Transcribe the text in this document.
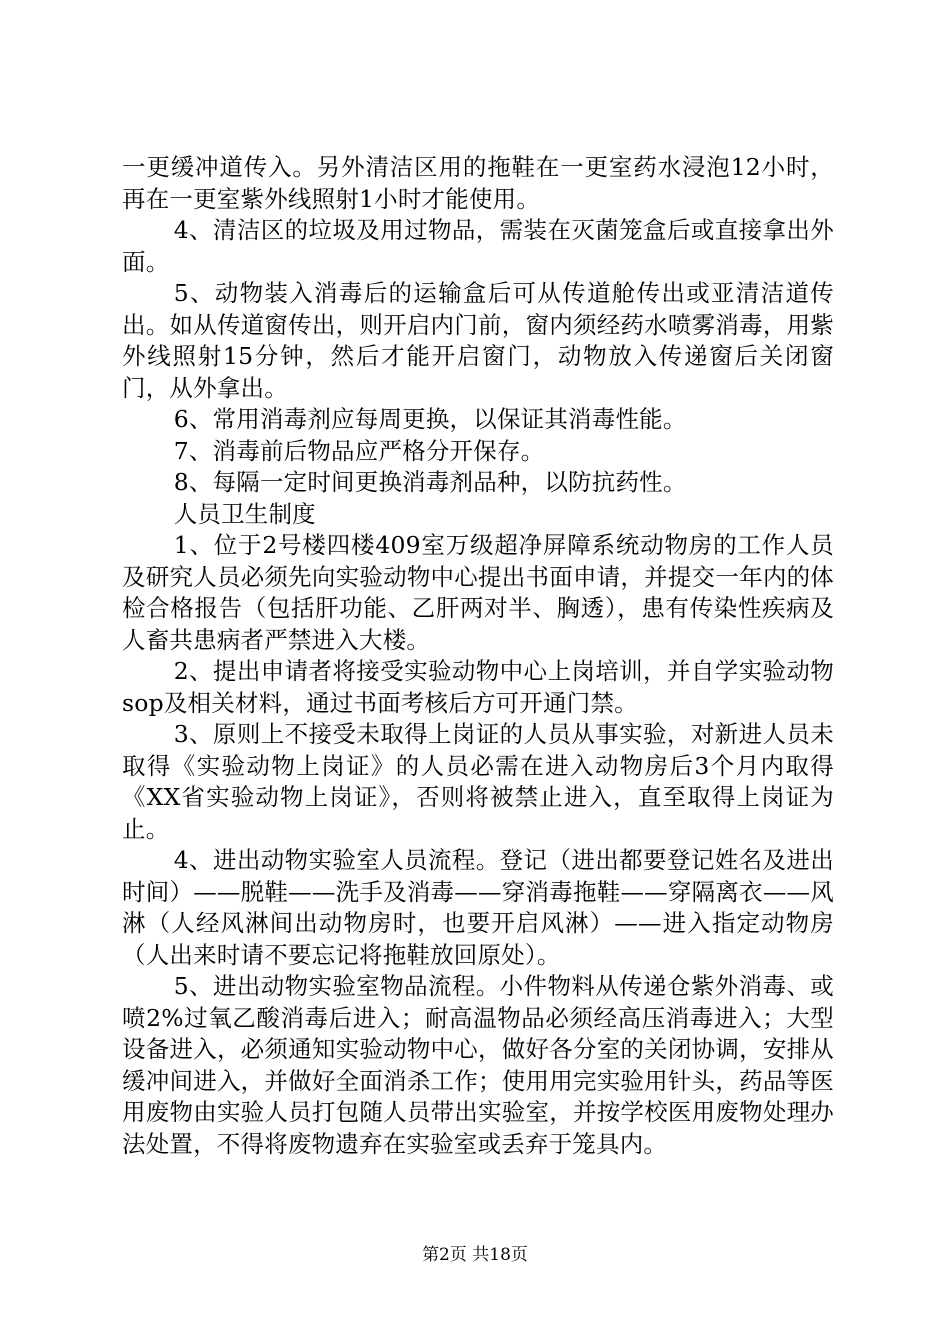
一更缓冲道传入。另外清洁区用的拖鞋在一更室药水浸泡12小时，再在一更室紫外线照射1小时才能使用。

4、清洁区的垃圾及用过物品，需装在灭菌笼盒后或直接拿出外面。

5、动物装入消毒后的运输盒后可从传道舱传出或亚清洁道传出。如从传道窗传出，则开启内门前，窗内须经药水喷雾消毒，用紫外线照射15分钟，然后才能开启窗门，动物放入传递窗后关闭窗门，从外拿出。

6、常用消毒剂应每周更换，以保证其消毒性能。

7、消毒前后物品应严格分开保存。

8、每隔一定时间更换消毒剂品种，以防抗药性。

人员卫生制度

1、位于2号楼四楼409室万级超净屏障系统动物房的工作人员及研究人员必须先向实验动物中心提出书面申请，并提交一年内的体检合格报告（包括肝功能、乙肝两对半、胸透），患有传染性疾病及人畜共患病者严禁进入大楼。

2、提出申请者将接受实验动物中心上岗培训，并自学实验动物sop及相关材料，通过书面考核后方可开通门禁。

3、原则上不接受未取得上岗证的人员从事实验，对新进人员未取得《实验动物上岗证》的人员必需在进入动物房后3个月内取得《XX省实验动物上岗证》，否则将被禁止进入，直至取得上岗证为止。

4、进出动物实验室人员流程。登记（进出都要登记姓名及进出时间）——脱鞋——洗手及消毒——穿消毒拖鞋——穿隔离衣——风淋（人经风淋间出动物房时，也要开启风淋）——进入指定动物房（人出来时请不要忘记将拖鞋放回原处）。

5、进出动物实验室物品流程。小件物料从传递仓紫外消毒、或喷2%过氧乙酸消毒后进入；耐高温物品必须经高压消毒进入；大型设备进入，必须通知实验动物中心，做好各分室的关闭协调，安排从缓冲间进入，并做好全面消杀工作；使用用完实验用针头，药品等医用废物由实验人员打包随人员带出实验室，并按学校医用废物处理办法处置，不得将废物遗弃在实验室或丢弃于笼具内。

第2页 共18页
